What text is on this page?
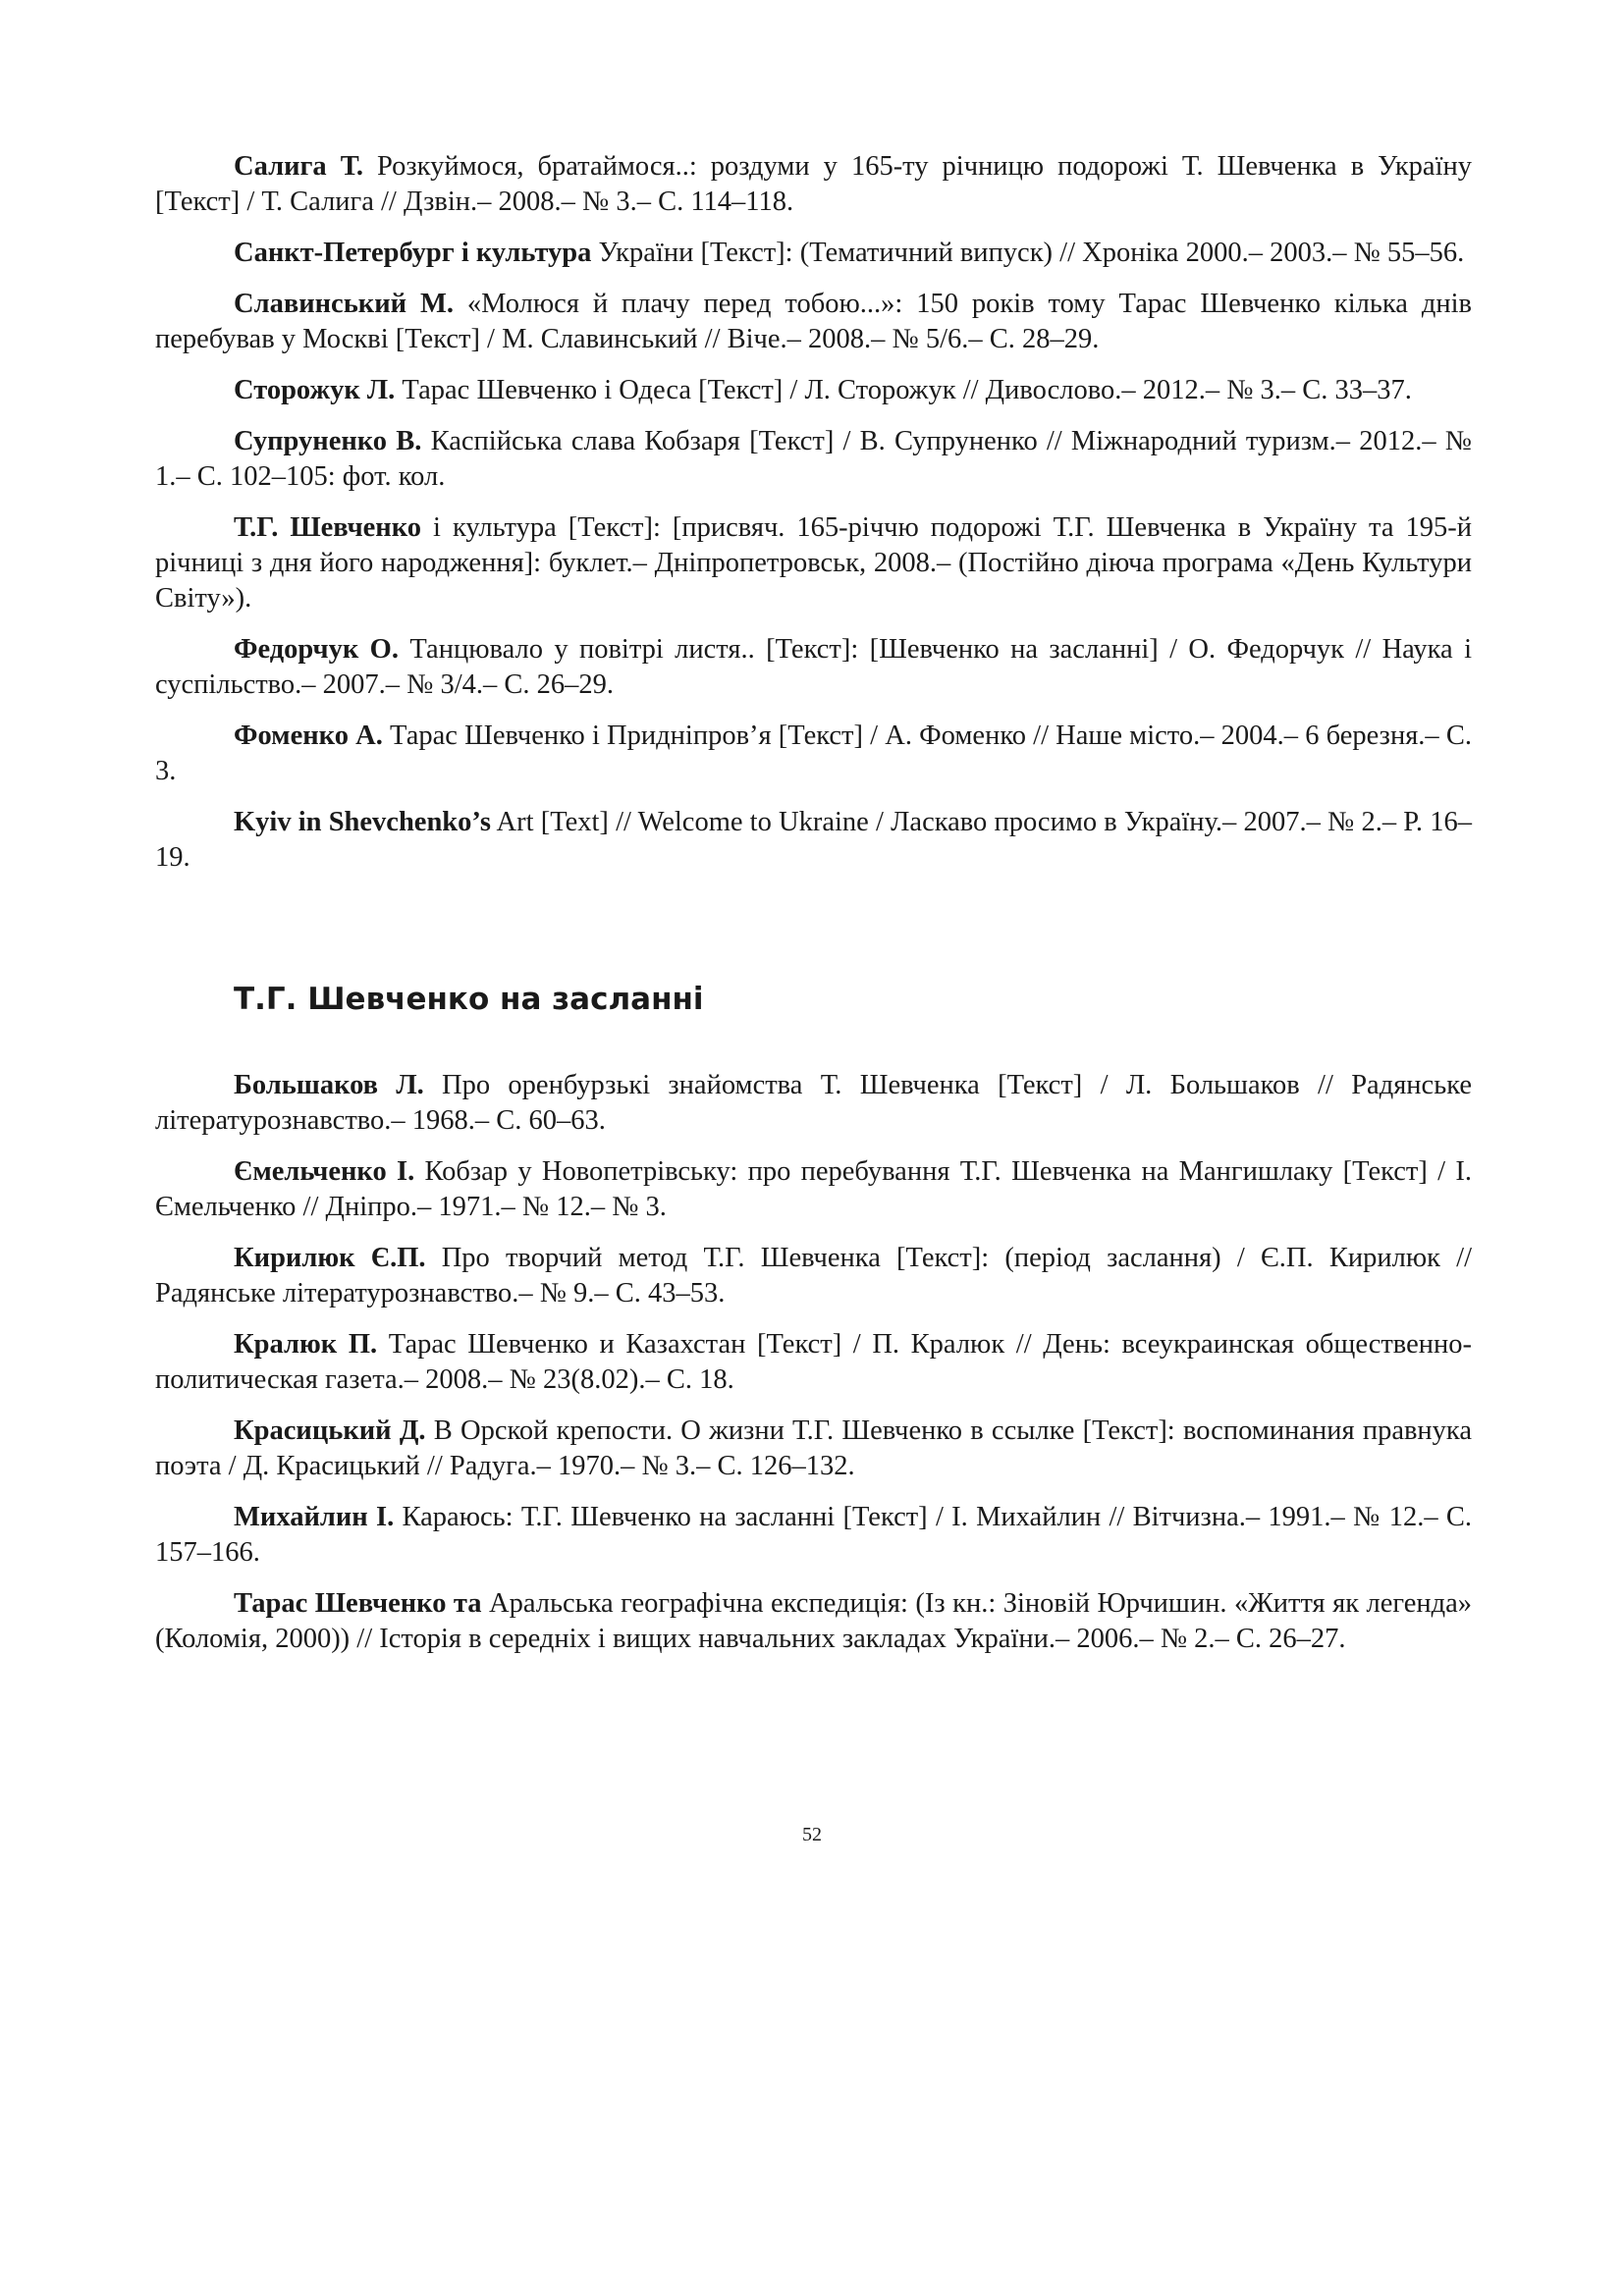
Салига Т. Розкуймося, братаймося..: роздуми у 165-ту річницю подорожі Т. Шевченка в Україну [Текст] / Т. Салига // Дзвін.– 2008.– № 3.– С. 114–118.

Санкт-Петербург і культура України [Текст]: (Тематичний випуск) // Хроніка 2000.– 2003.– № 55–56.

Славинський М. «Молюся й плачу перед тобою...»: 150 років тому Тарас Шевченко кілька днів перебував у Москві [Текст] / М. Славинський // Віче.– 2008.– № 5/6.– С. 28–29.

Сторожук Л. Тарас Шевченко і Одеса [Текст] / Л. Сторожук // Дивослово.– 2012.– № 3.– С. 33–37.

Супруненко В. Каспійська слава Кобзаря [Текст] / В. Супруненко // Міжнародний туризм.– 2012.– № 1.– С. 102–105: фот. кол.

Т.Г. Шевченко і культура [Текст]: [присвяч. 165-річчю подорожі Т.Г. Шевченка в Україну та 195-й річниці з дня його народження]: буклет.– Дніпропетровськ, 2008.– (Постійно діюча програма «День Культури Світу»).

Федорчук О. Танцювало у повітрі листя.. [Текст]: [Шевченко на засланні] / О. Федорчук // Наука і суспільство.– 2007.– № 3/4.– С. 26–29.

Фоменко А. Тарас Шевченко і Придніпров’я [Текст] / А. Фоменко // Наше місто.– 2004.– 6 березня.– С. 3.

Kyiv in Shevchenko’s Art [Text] // Welcome to Ukraine / Ласкаво просимо в Україну.– 2007.– № 2.– P. 16–19.

Т.Г. Шевченко на засланні

Большаков Л. Про оренбурзькі знайомства Т. Шевченка [Текст] / Л. Большаков // Радянське літературознавство.– 1968.– С. 60–63.

Ємельченко І. Кобзар у Новопетрівську: про перебування Т.Г. Шевченка на Мангишлаку [Текст] / І. Ємельченко // Дніпро.– 1971.– № 12.– № 3.

Кирилюк Є.П. Про творчий метод Т.Г. Шевченка [Текст]: (період заслання) / Є.П. Кирилюк // Радянське літературознавство.– № 9.– С. 43–53.

Кралюк П. Тарас Шевченко и Казахстан [Текст] / П. Кралюк // День: всеукраинская общественно-политическая газета.– 2008.– № 23(8.02).– С. 18.

Красицький Д. В Орской крепости. О жизни Т.Г. Шевченко в ссылке [Текст]: воспоминания правнука поэта / Д. Красицький // Радуга.– 1970.– № 3.– С. 126–132.

Михайлин І. Караюсь: Т.Г. Шевченко на засланні [Текст] / І. Михайлин // Вітчизна.– 1991.– № 12.– С. 157–166.

Тарас Шевченко та Аральська географічна експедиція: (Із кн.: Зіновій Юрчишин. «Життя як легенда» (Коломія, 2000)) // Історія в середніх і вищих навчальних закладах України.– 2006.– № 2.– С. 26–27.

52
